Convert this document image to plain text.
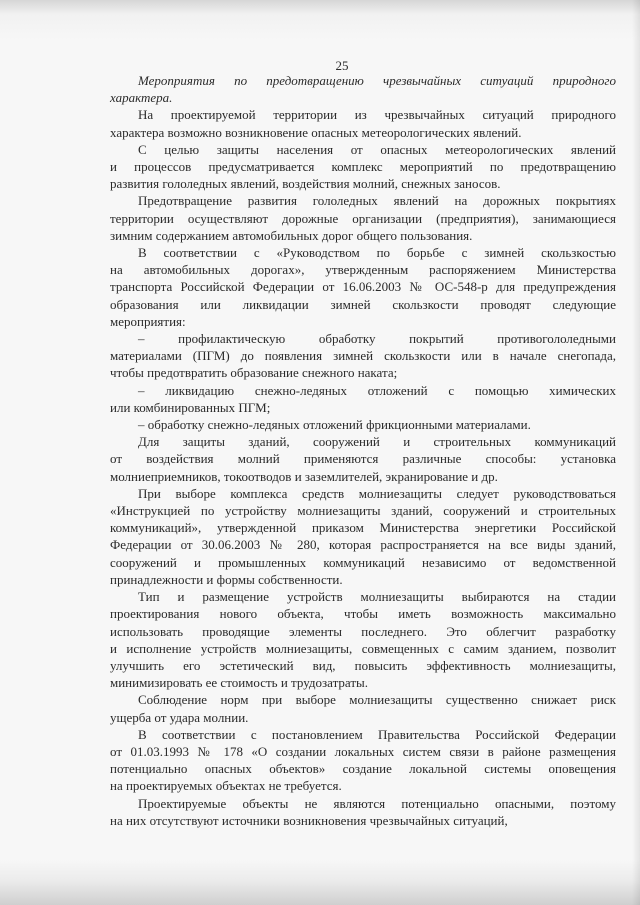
25
Мероприятия по предотвращению чрезвычайных ситуаций природного
характера.
На проектируемой территории из чрезвычайных ситуаций природного
характера возможно возникновение опасных метеорологических явлений.
С целью защиты населения от опасных метеорологических явлений
и процессов предусматривается комплекс мероприятий по предотвращению
развития гололедных явлений, воздействия молний, снежных заносов.
Предотвращение развития гололедных явлений на дорожных покрытиях
территории осуществляют дорожные организации (предприятия), занимающиеся
зимним содержанием автомобильных дорог общего пользования.
В соответствии с «Руководством по борьбе с зимней скользкостью
на автомобильных дорогах», утвержденным распоряжением Министерства
транспорта Российской Федерации от 16.06.2003 № ОС-548-р для предупреждения
образования или ликвидации зимней скользкости проводят следующие
мероприятия:
– профилактическую обработку покрытий противогололедными
материалами (ПГМ) до появления зимней скользкости или в начале снегопада,
чтобы предотвратить образование снежного наката;
– ликвидацию снежно-ледяных отложений с помощью химических
или комбинированных ПГМ;
– обработку снежно-ледяных отложений фрикционными материалами.
Для защиты зданий, сооружений и строительных коммуникаций
от воздействия молний применяются различные способы: установка
молниеприемников, токоотводов и заземлителей, экранирование и др.
При выборе комплекса средств молниезащиты следует руководствоваться
«Инструкцией по устройству молниезащиты зданий, сооружений и строительных
коммуникаций», утвержденной приказом Министерства энергетики Российской
Федерации от 30.06.2003 № 280, которая распространяется на все виды зданий,
сооружений и промышленных коммуникаций независимо от ведомственной
принадлежности и формы собственности.
Тип и размещение устройств молниезащиты выбираются на стадии
проектирования нового объекта, чтобы иметь возможность максимально
использовать проводящие элементы последнего. Это облегчит разработку
и исполнение устройств молниезащиты, совмещенных с самим зданием, позволит
улучшить его эстетический вид, повысить эффективность молниезащиты,
минимизировать ее стоимость и трудозатраты.
Соблюдение норм при выборе молниезащиты существенно снижает риск
ущерба от удара молнии.
В соответствии с постановлением Правительства Российской Федерации
от 01.03.1993 № 178 «О создании локальных систем связи в районе размещения
потенциально опасных объектов» создание локальной системы оповещения
на проектируемых объектах не требуется.
Проектируемые объекты не являются потенциально опасными, поэтому
на них отсутствуют источники возникновения чрезвычайных ситуаций,
